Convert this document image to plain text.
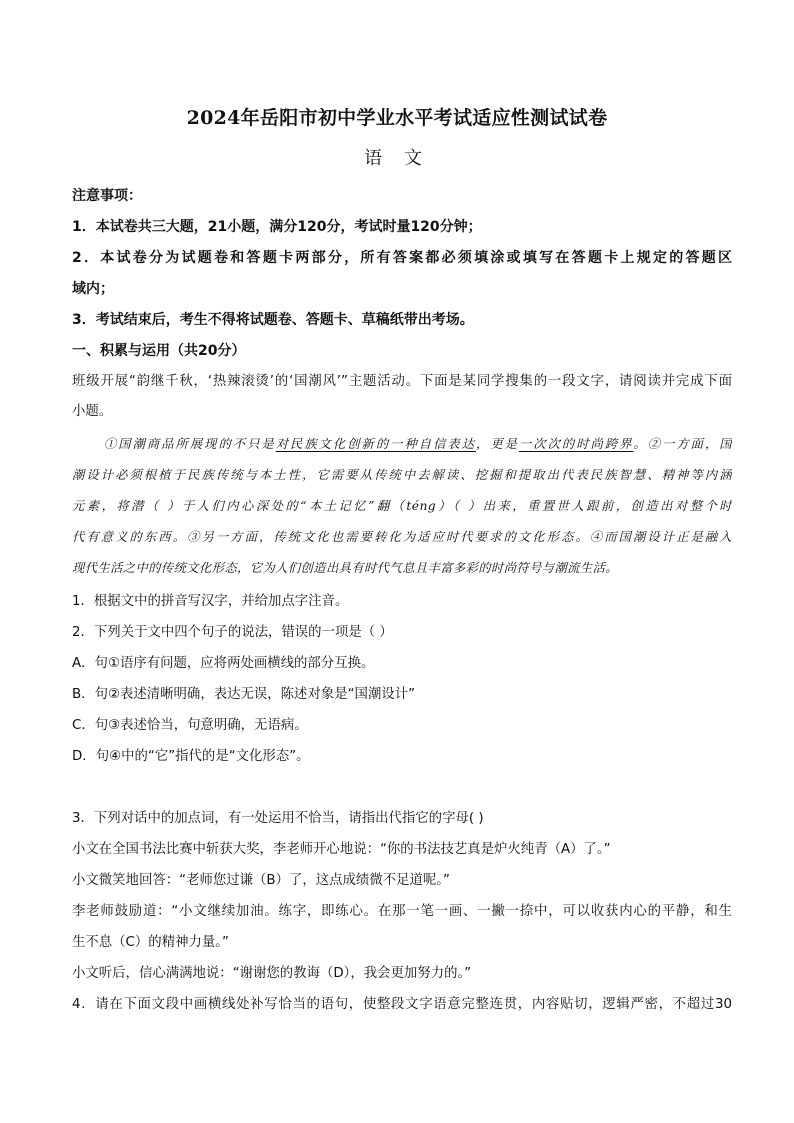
2024年岳阳市初中学业水平考试适应性测试试卷
语 文
注意事项：
1．本试卷共三大题，21小题，满分120分，考试时量120分钟；
2．本试卷分为试题卷和答题卡两部分，所有答案都必须填涂或填写在答题卡上规定的答题区
域内；
3．考试结束后，考生不得将试题卷、答题卡、草稿纸带出考场。
一、积累与运用（共20分）
班级开展“韵继千秋，‘热辣滚烫’的‘国潮风’”主题活动。下面是某同学搜集的一段文字，请阅读并完成下面
小题。
①国潮商品所展现的不只是对民族文化创新的一种自信表达，更是一次次的时尚跨界。②一方面，国
潮设计必须根植于民族传统与本土性，它需要从传统中去解读、挖掘和提取出代表民族智慧、精神等内涵
元素，将潜（ ）于人们内心深处的“本土记忆”翻（téng）（ ）出来，重置世人跟前，创造出对整个时
代有意义的东西。③另一方面，传统文化也需要转化为适应时代要求的文化形态。④而国潮设计正是融入
现代生活之中的传统文化形态，它为人们创造出具有时代气息且丰富多彩的时尚符号与潮流生活。
1．根据文中的拼音写汉字，并给加点字注音。
2．下列关于文中四个句子的说法，错误的一项是（ ）
A．句①语序有问题，应将两处画横线的部分互换。
B．句②表述清晰明确，表达无误，陈述对象是“国潮设计”
C．句③表述恰当，句意明确，无语病。
D．句④中的“它”指代的是“文化形态”。
3．下列对话中的加点词，有一处运用不恰当，请指出代指它的字母( )
小文在全国书法比赛中斩获大奖，李老师开心地说：“你的书法技艺真是炉火纯青（A）了。”
小文微笑地回答：“老师您过谦（B）了，这点成绩微不足道呢。”
李老师鼓励道：“小文继续加油。练字，即练心。在那一笔一画、一撇一捺中，可以收获内心的平静，和生
生不息（C）的精神力量。”
小文听后，信心满满地说：“谢谢您的教诲（D），我会更加努力的。”
4．请在下面文段中画横线处补写恰当的语句，使整段文字语意完整连贯，内容贴切，逻辑严密，不超过30
